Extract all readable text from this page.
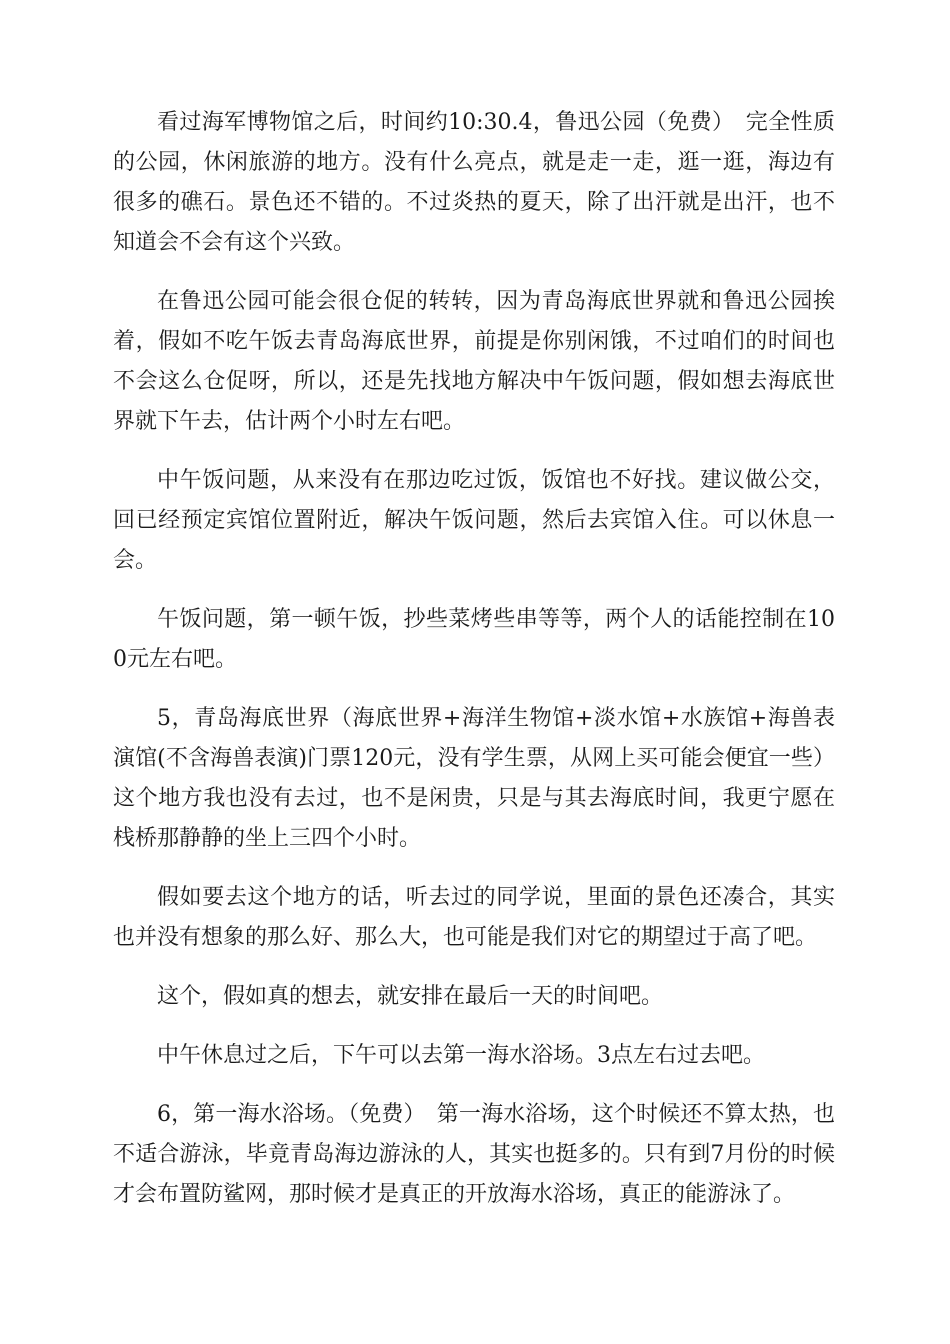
看过海军博物馆之后，时间约10:30.4，鲁迅公园（免费）　完全性质的公园，休闲旅游的地方。没有什么亮点，就是走一走，逛一逛，海边有很多的礁石。景色还不错的。不过炎热的夏天，除了出汗就是出汗，也不知道会不会有这个兴致。

在鲁迅公园可能会很仓促的转转，因为青岛海底世界就和鲁迅公园挨着，假如不吃午饭去青岛海底世界，前提是你别闲饿，不过咱们的时间也不会这么仓促呀，所以，还是先找地方解决中午饭问题，假如想去海底世界就下午去，估计两个小时左右吧。

中午饭问题，从来没有在那边吃过饭，饭馆也不好找。建议做公交，回已经预定宾馆位置附近，解决午饭问题，然后去宾馆入住。可以休息一会。

午饭问题，第一顿午饭，抄些菜烤些串等等，两个人的话能控制在100元左右吧。

5，青岛海底世界（海底世界+海洋生物馆+淡水馆+水族馆+海兽表演馆(不含海兽表演)门票120元，没有学生票，从网上买可能会便宜一些）这个地方我也没有去过，也不是闲贵，只是与其去海底时间，我更宁愿在栈桥那静静的坐上三四个小时。

假如要去这个地方的话，听去过的同学说，里面的景色还凑合，其实也并没有想象的那么好、那么大，也可能是我们对它的期望过于高了吧。

这个，假如真的想去，就安排在最后一天的时间吧。

中午休息过之后，下午可以去第一海水浴场。3点左右过去吧。

6，第一海水浴场。（免费）　第一海水浴场，这个时候还不算太热，也不适合游泳，毕竟青岛海边游泳的人，其实也挺多的。只有到7月份的时候才会布置防鲨网，那时候才是真正的开放海水浴场，真正的能游泳了。
